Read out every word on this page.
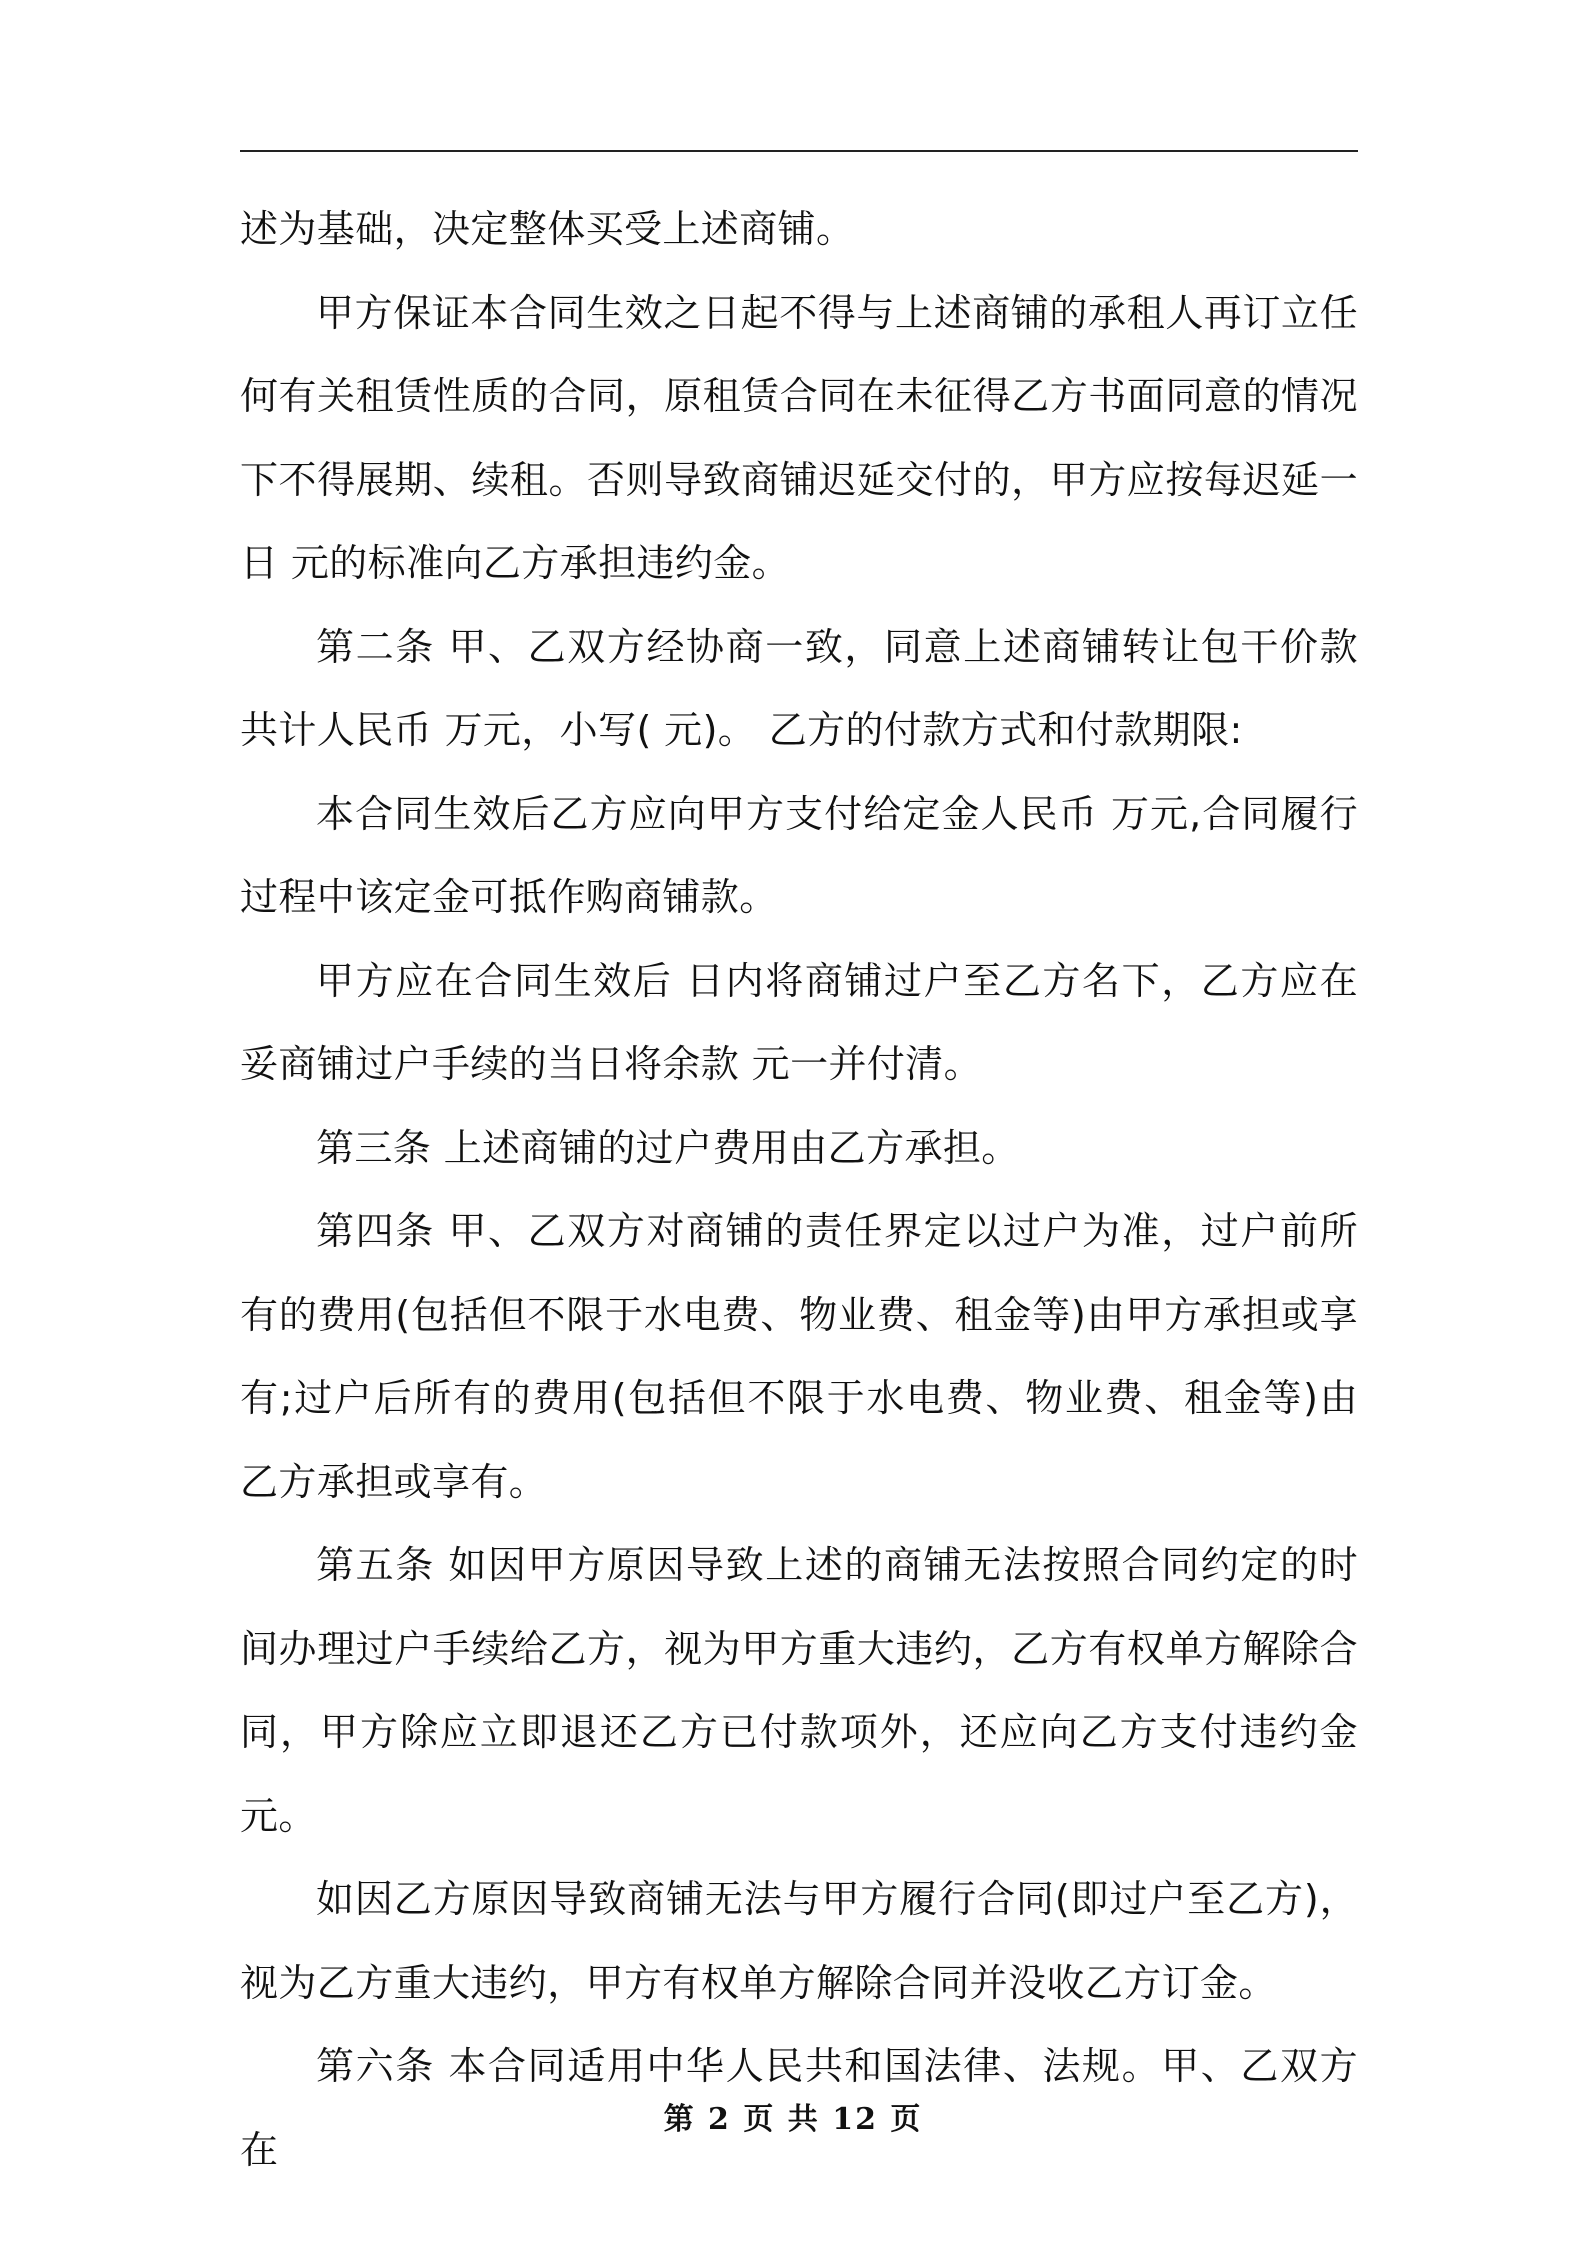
述为基础，决定整体买受上述商铺。

甲方保证本合同生效之日起不得与上述商铺的承租人再订立任何有关租赁性质的合同，原租赁合同在未征得乙方书面同意的情况下不得展期、续租。否则导致商铺迟延交付的，甲方应按每迟延一日 元的标准向乙方承担违约金。

第二条 甲、乙双方经协商一致，同意上述商铺转让包干价款共计人民币 万元，小写( 元)。 乙方的付款方式和付款期限:

本合同生效后乙方应向甲方支付给定金人民币 万元,合同履行过程中该定金可抵作购商铺款。

甲方应在合同生效后 日内将商铺过户至乙方名下，乙方应在妥商铺过户手续的当日将余款 元一并付清。

第三条 上述商铺的过户费用由乙方承担。

第四条 甲、乙双方对商铺的责任界定以过户为准，过户前所有的费用(包括但不限于水电费、物业费、租金等)由甲方承担或享有;过户后所有的费用(包括但不限于水电费、物业费、租金等)由乙方承担或享有。

第五条 如因甲方原因导致上述的商铺无法按照合同约定的时间办理过户手续给乙方，视为甲方重大违约，乙方有权单方解除合同，甲方除应立即退还乙方已付款项外，还应向乙方支付违约金 元。

如因乙方原因导致商铺无法与甲方履行合同(即过户至乙方)，视为乙方重大违约，甲方有权单方解除合同并没收乙方订金。

第六条 本合同适用中华人民共和国法律、法规。甲、乙双方在

第 2 页 共 12 页
